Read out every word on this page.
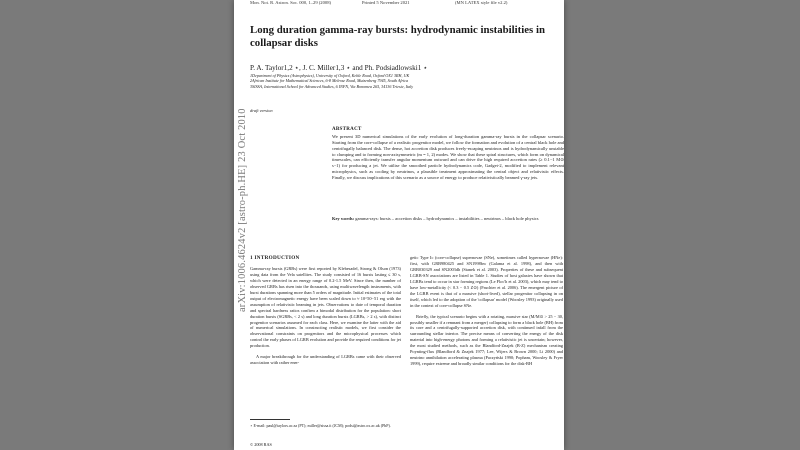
Mon. Not. R. Astron. Soc. 000, 1–29 (2008)	Printed 5 November 2021	(MN LATEX style file v2.2)
Long duration gamma-ray bursts: hydrodynamic instabilities in collapsar disks
P. A. Taylor1,2 ⋆, J. C. Miller1,3 ⋆ and Ph. Podsiadlowski1 ⋆
1Department of Physics (Astrophysics), University of Oxford, Keble Road, Oxford OX1 3RH, UK
2African Institute for Mathematical Sciences, 6-8 Melrose Road, Muizenberg 7945, South Africa
3SISSA, International School for Advanced Studies, 6 INFN, Via Bonomea 265, 34136 Trieste, Italy
draft version
ABSTRACT

We present 3D numerical simulations of the early evolution of long-duration gamma-ray bursts in the collapsar scenario. Starting from the core-collapse of a realistic progenitor model, we follow the formation and evolution of a central black hole and centrifugally balanced disk. The dense, hot accretion disk produces freely-escaping neutrinos and is hydrodynamically unstable to clumping and to forming non-axisymmetric (m = 1, 2) modes. We show that these spiral structures, which form on dynamical timescales, can efficiently transfer angular momentum outward and can drive the high required accretion rates (≥ 0.1−1 M⊙ s−1) for producing a jet. We utilise the smoothed particle hydrodynamics code, Gadget-2, modified to implement relevant microphysics, such as cooling by neutrinos, a plausible treatment approximating the central object and relativistic effects. Finally, we discuss implications of this scenario as a source of energy to produce relativistically beamed γ-ray jets.

Key words: gamma-rays: bursts – accretion disks – hydrodynamics – instabilities – neutrinos – black hole physics
1 INTRODUCTION

Gamma-ray bursts (GRBs) were first reported by Klebesadel, Strong & Olson (1973) using data from the Vela satellites. The study consisted of 16 bursts lasting ≤ 30 s, which were detected in an energy range of 0.2-1.5 MeV. Since then, the number of observed GRBs has risen into the thousands, using multiwavelength instruments, with burst durations spanning more than 5 orders of magnitude. Initial estimates of the total output of electromagnetic energy have been scaled down to ≈ 10^50−51 erg with the assumption of relativistic beaming in jets. Observations to date of temporal duration and spectral hardness ratios confirm a bimodal distribution for the population: short duration bursts (SGRBs, < 2 s) and long duration bursts (LGRBs, > 2 s), with distinct progenitor scenarios assumed for each class. Here, we examine the latter with the aid of numerical simulations. In constructing realistic models, we first consider the observational constraints on progenitors and the microphysical processes which control the early phases of LGRB evolution and provide the required conditions for jet production.

A major breakthrough for the understanding of LGRBs came with their observed association with rather ener-

getic Type Ic (core-collapse) supernovae (SNe), sometimes called hypernovae (HNe): first, with GRB980425 and SN1998bw (Galama et al. 1998), and then with GRB030329 and SN2003dh (Stanek et al. 2003). Properties of these and subsequent LGRB-SN associations are listed in Table 1. Studies of host galaxies have shown that LGRBs tend to occur in star forming regions (Le Floc'h et al. 2003), which may tend to have low-metallicity (< 0.3 − 0.5 Z⊙) (Fruchter et al. 2006). The emergent picture of the LGRB event is that of a massive (short-lived), stellar progenitor collapsing in on itself, which led to the adoption of the 'collapsar' model (Woosley 1993) originally used in the context of core-collapse SNe.

Briefly, the typical scenario begins with a rotating, massive star (M/M⊙ > 25 − 30, possibly smaller if a remnant from a merger) collapsing to form a black hole (BH) from its core and a centrifugally-supported accretion disk, with continued infall from the surrounding stellar interior. The precise means of converting the energy of the disk material into high-energy photons and forming a relativistic jet is uncertain; however, the most studied methods, such as the Blandford-Znajek (B-Z) mechanism creating Poynting-flux (Blandford & Znajek 1977; Lee, Wijers & Brown 2000; Li 2000) and neutrino annihilation accelerating plasma (Paczyński 1990; Popham, Woosley & Fryer 1999), require extreme and broadly similar conditions for the disk-BH

⋆ E-mail: paul@taylors.ac.za (PT); miller@sissa.it (JCM); podsi@astro.ox.ac.uk (PhP).
© 2008 RAS
arXiv:1006.4624v2 [astro-ph.HE] 23 Oct 2010
